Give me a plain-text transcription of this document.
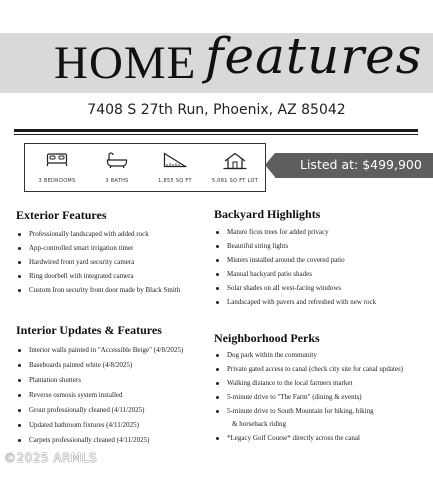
HOME features
7408 S 27th Run, Phoenix, AZ 85042
3 BEDROOMS	3 BATHS	1,855 SQ FT	5,081 SQ FT LOT
Listed at: $499,900
Exterior Features
Professionally landscaped with added rock
App-controlled smart irrigation timer
Hardwired front yard security camera
Ring doorbell with integrated camera
Custom Iron security front door made by Black Smith
Backyard Highlights
Mature ficus trees for added privacy
Beautiful string lights
Misters installed around the covered patio
Manual backyard patio shades
Solar shades on all west-facing windows
Landscaped with pavers and refreshed with new rock
Interior Updates & Features
Interior walls painted in "Accessible Beige" (4/8/2025)
Baseboards painted white (4/8/2025)
Plantation shutters
Reverse osmosis system installed
Grout professionally cleaned (4/11/2025)
Updated bathroom fixtures (4/11/2025)
Carpets professionally cleaned (4/11/2025)
Neighborhood Perks
Dog park within the community
Private gated access to canal (check city site for canal updates)
Walking distance to the local farmers market
5-minute drive to "The Farm" (dining & events)
5-minute drive to South Mountain for hiking, biking
& horseback riding
*Legacy Golf Course* directly across the canal
©2025 ARMLS
